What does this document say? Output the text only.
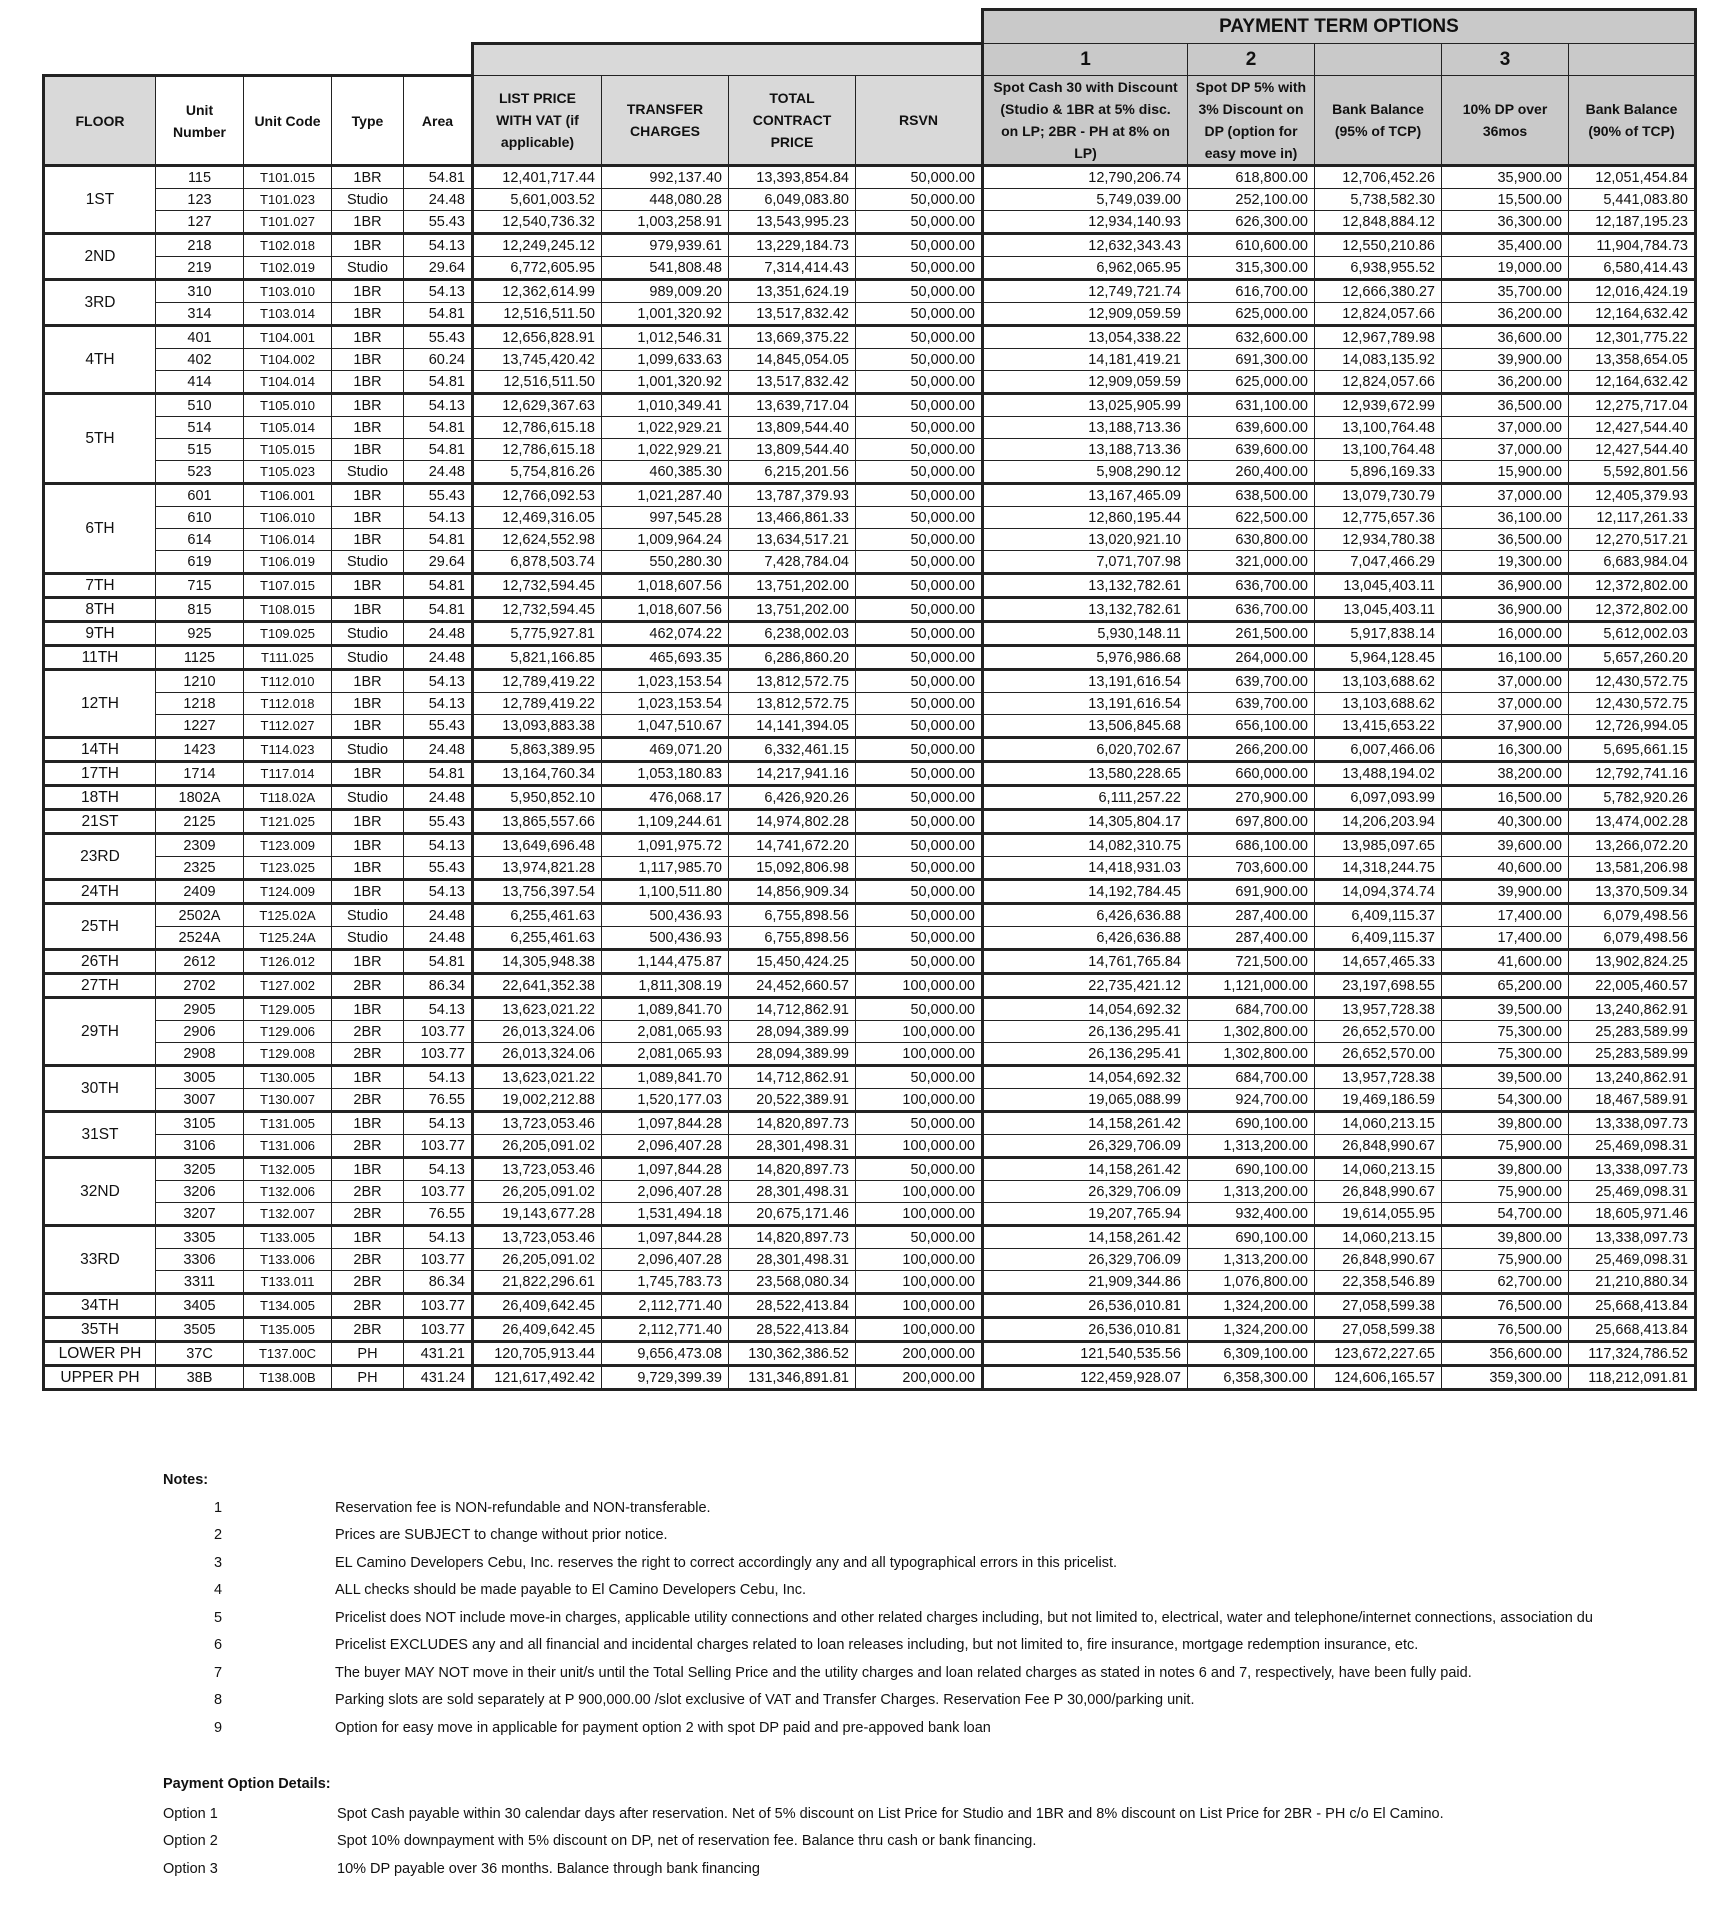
									PAYMENT TERM OPTIONS				
									1	2		3	
FLOOR	Unit Number	Unit Code	Type	Area	LIST PRICE WITH VAT (if applicable)	TRANSFER CHARGES	TOTAL CONTRACT PRICE	RSVN	Spot Cash 30 with Discount (Studio & 1BR at 5% disc. on LP; 2BR - PH at 8% on LP)	Spot DP 5% with 3% Discount on DP (option for easy move in)	Bank Balance (95% of TCP)	10% DP over 36mos	Bank Balance (90% of TCP)
1ST	115	T101.015	1BR	54.81	12,401,717.44	992,137.40	13,393,854.84	50,000.00	12,790,206.74	618,800.00	12,706,452.26	35,900.00	12,051,454.84
	123	T101.023	Studio	24.48	5,601,003.52	448,080.28	6,049,083.80	50,000.00	5,749,039.00	252,100.00	5,738,582.30	15,500.00	5,441,083.80
	127	T101.027	1BR	55.43	12,540,736.32	1,003,258.91	13,543,995.23	50,000.00	12,934,140.93	626,300.00	12,848,884.12	36,300.00	12,187,195.23
2ND	218	T102.018	1BR	54.13	12,249,245.12	979,939.61	13,229,184.73	50,000.00	12,632,343.43	610,600.00	12,550,210.86	35,400.00	11,904,784.73
	219	T102.019	Studio	29.64	6,772,605.95	541,808.48	7,314,414.43	50,000.00	6,962,065.95	315,300.00	6,938,955.52	19,000.00	6,580,414.43
3RD	310	T103.010	1BR	54.13	12,362,614.99	989,009.20	13,351,624.19	50,000.00	12,749,721.74	616,700.00	12,666,380.27	35,700.00	12,016,424.19
	314	T103.014	1BR	54.81	12,516,511.50	1,001,320.92	13,517,832.42	50,000.00	12,909,059.59	625,000.00	12,824,057.66	36,200.00	12,164,632.42
4TH	401	T104.001	1BR	55.43	12,656,828.91	1,012,546.31	13,669,375.22	50,000.00	13,054,338.22	632,600.00	12,967,789.98	36,600.00	12,301,775.22
	402	T104.002	1BR	60.24	13,745,420.42	1,099,633.63	14,845,054.05	50,000.00	14,181,419.21	691,300.00	14,083,135.92	39,900.00	13,358,654.05
	414	T104.014	1BR	54.81	12,516,511.50	1,001,320.92	13,517,832.42	50,000.00	12,909,059.59	625,000.00	12,824,057.66	36,200.00	12,164,632.42
5TH	510	T105.010	1BR	54.13	12,629,367.63	1,010,349.41	13,639,717.04	50,000.00	13,025,905.99	631,100.00	12,939,672.99	36,500.00	12,275,717.04
	514	T105.014	1BR	54.81	12,786,615.18	1,022,929.21	13,809,544.40	50,000.00	13,188,713.36	639,600.00	13,100,764.48	37,000.00	12,427,544.40
	515	T105.015	1BR	54.81	12,786,615.18	1,022,929.21	13,809,544.40	50,000.00	13,188,713.36	639,600.00	13,100,764.48	37,000.00	12,427,544.40
	523	T105.023	Studio	24.48	5,754,816.26	460,385.30	6,215,201.56	50,000.00	5,908,290.12	260,400.00	5,896,169.33	15,900.00	5,592,801.56
6TH	601	T106.001	1BR	55.43	12,766,092.53	1,021,287.40	13,787,379.93	50,000.00	13,167,465.09	638,500.00	13,079,730.79	37,000.00	12,405,379.93
	610	T106.010	1BR	54.13	12,469,316.05	997,545.28	13,466,861.33	50,000.00	12,860,195.44	622,500.00	12,775,657.36	36,100.00	12,117,261.33
	614	T106.014	1BR	54.81	12,624,552.98	1,009,964.24	13,634,517.21	50,000.00	13,020,921.10	630,800.00	12,934,780.38	36,500.00	12,270,517.21
	619	T106.019	Studio	29.64	6,878,503.74	550,280.30	7,428,784.04	50,000.00	7,071,707.98	321,000.00	7,047,466.29	19,300.00	6,683,984.04
7TH	715	T107.015	1BR	54.81	12,732,594.45	1,018,607.56	13,751,202.00	50,000.00	13,132,782.61	636,700.00	13,045,403.11	36,900.00	12,372,802.00
8TH	815	T108.015	1BR	54.81	12,732,594.45	1,018,607.56	13,751,202.00	50,000.00	13,132,782.61	636,700.00	13,045,403.11	36,900.00	12,372,802.00
9TH	925	T109.025	Studio	24.48	5,775,927.81	462,074.22	6,238,002.03	50,000.00	5,930,148.11	261,500.00	5,917,838.14	16,000.00	5,612,002.03
11TH	1125	T111.025	Studio	24.48	5,821,166.85	465,693.35	6,286,860.20	50,000.00	5,976,986.68	264,000.00	5,964,128.45	16,100.00	5,657,260.20
12TH	1210	T112.010	1BR	54.13	12,789,419.22	1,023,153.54	13,812,572.75	50,000.00	13,191,616.54	639,700.00	13,103,688.62	37,000.00	12,430,572.75
	1218	T112.018	1BR	54.13	12,789,419.22	1,023,153.54	13,812,572.75	50,000.00	13,191,616.54	639,700.00	13,103,688.62	37,000.00	12,430,572.75
	1227	T112.027	1BR	55.43	13,093,883.38	1,047,510.67	14,141,394.05	50,000.00	13,506,845.68	656,100.00	13,415,653.22	37,900.00	12,726,994.05
14TH	1423	T114.023	Studio	24.48	5,863,389.95	469,071.20	6,332,461.15	50,000.00	6,020,702.67	266,200.00	6,007,466.06	16,300.00	5,695,661.15
17TH	1714	T117.014	1BR	54.81	13,164,760.34	1,053,180.83	14,217,941.16	50,000.00	13,580,228.65	660,000.00	13,488,194.02	38,200.00	12,792,741.16
18TH	1802A	T118.02A	Studio	24.48	5,950,852.10	476,068.17	6,426,920.26	50,000.00	6,111,257.22	270,900.00	6,097,093.99	16,500.00	5,782,920.26
21ST	2125	T121.025	1BR	55.43	13,865,557.66	1,109,244.61	14,974,802.28	50,000.00	14,305,804.17	697,800.00	14,206,203.94	40,300.00	13,474,002.28
23RD	2309	T123.009	1BR	54.13	13,649,696.48	1,091,975.72	14,741,672.20	50,000.00	14,082,310.75	686,100.00	13,985,097.65	39,600.00	13,266,072.20
	2325	T123.025	1BR	55.43	13,974,821.28	1,117,985.70	15,092,806.98	50,000.00	14,418,931.03	703,600.00	14,318,244.75	40,600.00	13,581,206.98
24TH	2409	T124.009	1BR	54.13	13,756,397.54	1,100,511.80	14,856,909.34	50,000.00	14,192,784.45	691,900.00	14,094,374.74	39,900.00	13,370,509.34
25TH	2502A	T125.02A	Studio	24.48	6,255,461.63	500,436.93	6,755,898.56	50,000.00	6,426,636.88	287,400.00	6,409,115.37	17,400.00	6,079,498.56
	2524A	T125.24A	Studio	24.48	6,255,461.63	500,436.93	6,755,898.56	50,000.00	6,426,636.88	287,400.00	6,409,115.37	17,400.00	6,079,498.56
26TH	2612	T126.012	1BR	54.81	14,305,948.38	1,144,475.87	15,450,424.25	50,000.00	14,761,765.84	721,500.00	14,657,465.33	41,600.00	13,902,824.25
27TH	2702	T127.002	2BR	86.34	22,641,352.38	1,811,308.19	24,452,660.57	100,000.00	22,735,421.12	1,121,000.00	23,197,698.55	65,200.00	22,005,460.57
29TH	2905	T129.005	1BR	54.13	13,623,021.22	1,089,841.70	14,712,862.91	50,000.00	14,054,692.32	684,700.00	13,957,728.38	39,500.00	13,240,862.91
	2906	T129.006	2BR	103.77	26,013,324.06	2,081,065.93	28,094,389.99	100,000.00	26,136,295.41	1,302,800.00	26,652,570.00	75,300.00	25,283,589.99
	2908	T129.008	2BR	103.77	26,013,324.06	2,081,065.93	28,094,389.99	100,000.00	26,136,295.41	1,302,800.00	26,652,570.00	75,300.00	25,283,589.99
30TH	3005	T130.005	1BR	54.13	13,623,021.22	1,089,841.70	14,712,862.91	50,000.00	14,054,692.32	684,700.00	13,957,728.38	39,500.00	13,240,862.91
	3007	T130.007	2BR	76.55	19,002,212.88	1,520,177.03	20,522,389.91	100,000.00	19,065,088.99	924,700.00	19,469,186.59	54,300.00	18,467,589.91
31ST	3105	T131.005	1BR	54.13	13,723,053.46	1,097,844.28	14,820,897.73	50,000.00	14,158,261.42	690,100.00	14,060,213.15	39,800.00	13,338,097.73
	3106	T131.006	2BR	103.77	26,205,091.02	2,096,407.28	28,301,498.31	100,000.00	26,329,706.09	1,313,200.00	26,848,990.67	75,900.00	25,469,098.31
32ND	3205	T132.005	1BR	54.13	13,723,053.46	1,097,844.28	14,820,897.73	50,000.00	14,158,261.42	690,100.00	14,060,213.15	39,800.00	13,338,097.73
	3206	T132.006	2BR	103.77	26,205,091.02	2,096,407.28	28,301,498.31	100,000.00	26,329,706.09	1,313,200.00	26,848,990.67	75,900.00	25,469,098.31
	3207	T132.007	2BR	76.55	19,143,677.28	1,531,494.18	20,675,171.46	100,000.00	19,207,765.94	932,400.00	19,614,055.95	54,700.00	18,605,971.46
33RD	3305	T133.005	1BR	54.13	13,723,053.46	1,097,844.28	14,820,897.73	50,000.00	14,158,261.42	690,100.00	14,060,213.15	39,800.00	13,338,097.73
	3306	T133.006	2BR	103.77	26,205,091.02	2,096,407.28	28,301,498.31	100,000.00	26,329,706.09	1,313,200.00	26,848,990.67	75,900.00	25,469,098.31
	3311	T133.011	2BR	86.34	21,822,296.61	1,745,783.73	23,568,080.34	100,000.00	21,909,344.86	1,076,800.00	22,358,546.89	62,700.00	21,210,880.34
34TH	3405	T134.005	2BR	103.77	26,409,642.45	2,112,771.40	28,522,413.84	100,000.00	26,536,010.81	1,324,200.00	27,058,599.38	76,500.00	25,668,413.84
35TH	3505	T135.005	2BR	103.77	26,409,642.45	2,112,771.40	28,522,413.84	100,000.00	26,536,010.81	1,324,200.00	27,058,599.38	76,500.00	25,668,413.84
LOWER PH	37C	T137.00C	PH	431.21	120,705,913.44	9,656,473.08	130,362,386.52	200,000.00	121,540,535.56	6,309,100.00	123,672,227.65	356,600.00	117,324,786.52
UPPER PH	38B	T138.00B	PH	431.24	121,617,492.42	9,729,399.39	131,346,891.81	200,000.00	122,459,928.07	6,358,300.00	124,606,165.57	359,300.00	118,212,091.81
Notes:
1	Reservation fee is NON-refundable and NON-transferable.
2	Prices are SUBJECT to change without prior notice.
3	EL Camino Developers Cebu, Inc. reserves the right to correct accordingly any and all typographical errors in this pricelist.
4	ALL checks should be made payable to El Camino Developers Cebu, Inc.
5	Pricelist does NOT include move-in charges, applicable utility connections and other related charges including, but not limited to, electrical, water and telephone/internet connections, association du
6	Pricelist EXCLUDES any and all financial and incidental charges related to loan releases including, but not limited to, fire insurance, mortgage redemption insurance, etc.
7	The buyer MAY NOT move in their unit/s until the Total Selling Price and the utility charges and loan related charges as stated in notes 6 and 7, respectively, have been fully paid.
8	Parking slots are sold separately at P 900,000.00 /slot exclusive of VAT and Transfer Charges. Reservation Fee P 30,000/parking unit.
9	Option for easy move in applicable for payment option 2 with spot DP paid and pre-appoved bank loan
Payment Option Details:
Option 1	Spot Cash payable within 30 calendar days after reservation. Net of 5% discount on List Price for Studio and 1BR and 8% discount on List Price for 2BR - PH c/o El Camino.
Option 2	Spot 10% downpayment with 5% discount on DP, net of reservation fee. Balance thru cash or bank financing.
Option 3	10% DP payable over 36 months. Balance through bank financing
